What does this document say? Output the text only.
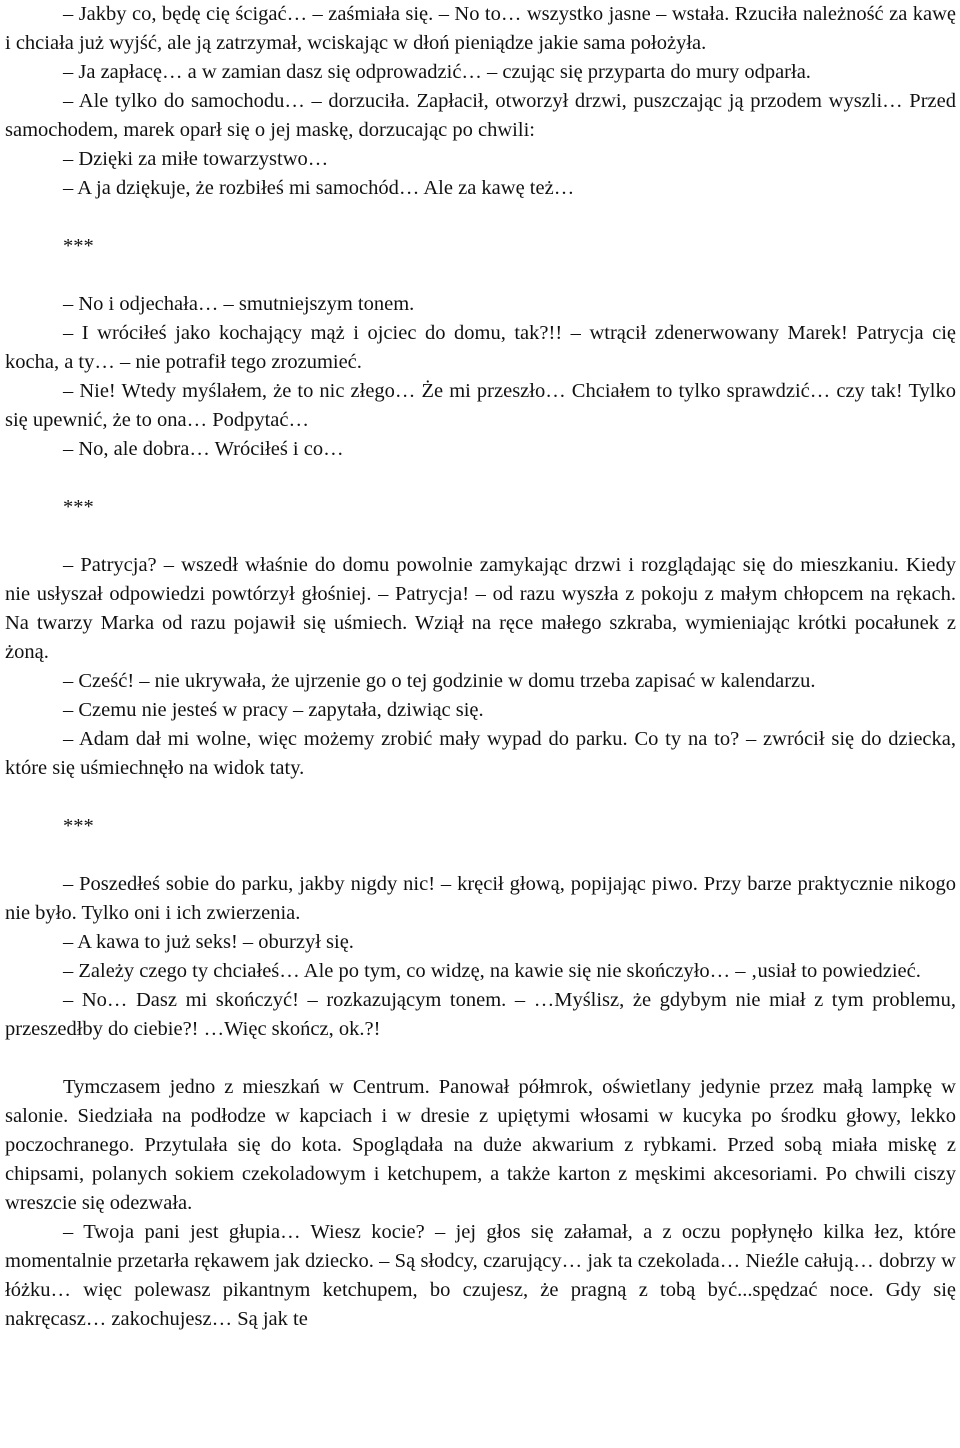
– Jakby co, będę cię ścigać… – zaśmiała się. – No to… wszystko jasne – wstała. Rzuciła należność za kawę i chciała już wyjść, ale ją zatrzymał, wciskając w dłoń pieniądze jakie sama położyła.

– Ja zapłacę… a w zamian dasz się odprowadzić… – czując się przyparta do mury odparła.

– Ale tylko do samochodu… – dorzuciła. Zapłacił, otworzył drzwi, puszczając ją przodem wyszli… Przed samochodem, marek oparł się o jej maskę, dorzucając po chwili:

– Dzięki za miłe towarzystwo…

– A ja dziękuje, że rozbiłeś mi samochód… Ale za kawę też…

***

– No i odjechała… – smutniejszym tonem.

– I wróciłeś jako kochający mąż i ojciec do domu, tak?!! – wtrącił zdenerwowany Marek! Patrycja cię kocha, a ty… – nie potrafił tego zrozumieć.

– Nie! Wtedy myślałem, że to nic złego… Że mi przeszło… Chciałem to tylko sprawdzić… czy tak! Tylko się upewnić, że to ona… Podpytać…

– No, ale dobra… Wróciłeś i co…

***

– Patrycja? – wszedł właśnie do domu powolnie zamykając drzwi i rozglądając się do mieszkaniu. Kiedy nie usłyszał odpowiedzi powtórzył głośniej. – Patrycja! – od razu wyszła z pokoju z małym chłopcem na rękach. Na twarzy Marka od razu pojawił się uśmiech. Wziął na ręce małego szkraba, wymieniając krótki pocałunek z żoną.

– Cześć! – nie ukrywała, że ujrzenie go o tej godzinie w domu trzeba zapisać w kalendarzu.

– Czemu nie jesteś w pracy – zapytała, dziwiąc się.

– Adam dał mi wolne, więc możemy zrobić mały wypad do parku. Co ty na to? – zwrócił się do dziecka, które się uśmiechnęło na widok taty.

***

– Poszedłeś sobie do parku, jakby nigdy nic! – kręcił głową, popijając piwo. Przy barze praktycznie nikogo nie było. Tylko oni i ich zwierzenia.

– A kawa to już seks! – oburzył się.

– Zależy czego ty chciałeś… Ale po tym, co widzę, na kawie się nie skończyło… – ‚usiał to powiedzieć.

– No… Dasz mi skończyć! – rozkazującym tonem. – …Myślisz, że gdybym nie miał z tym problemu, przeszedłby do ciebie?! …Więc skończ, ok.?!

Tymczasem jedno z mieszkań w Centrum. Panował półmrok, oświetlany jedynie przez małą lampkę w salonie. Siedziała na podłodze w kapciach i w dresie z upiętymi włosami w kucyka po środku głowy, lekko poczochranego. Przytulała się do kota. Spoglądała na duże akwarium z rybkami. Przed sobą miała miskę z chipsami, polanych sokiem czekoladowym i ketchupem, a także karton z męskimi akcesoriami. Po chwili ciszy wreszcie się odezwała.

– Twoja pani jest głupia… Wiesz kocie? – jej głos się załamał, a z oczu popłynęło kilka łez, które momentalnie przetarła rękawem jak dziecko. – Są słodcy, czarujący… jak ta czekolada… Nieźle całują… dobrzy w łóżku… więc polewasz pikantnym ketchupem, bo czujesz, że pragną z tobą być...spędzać noce. Gdy się nakręcasz… zakochujesz… Są jak te
